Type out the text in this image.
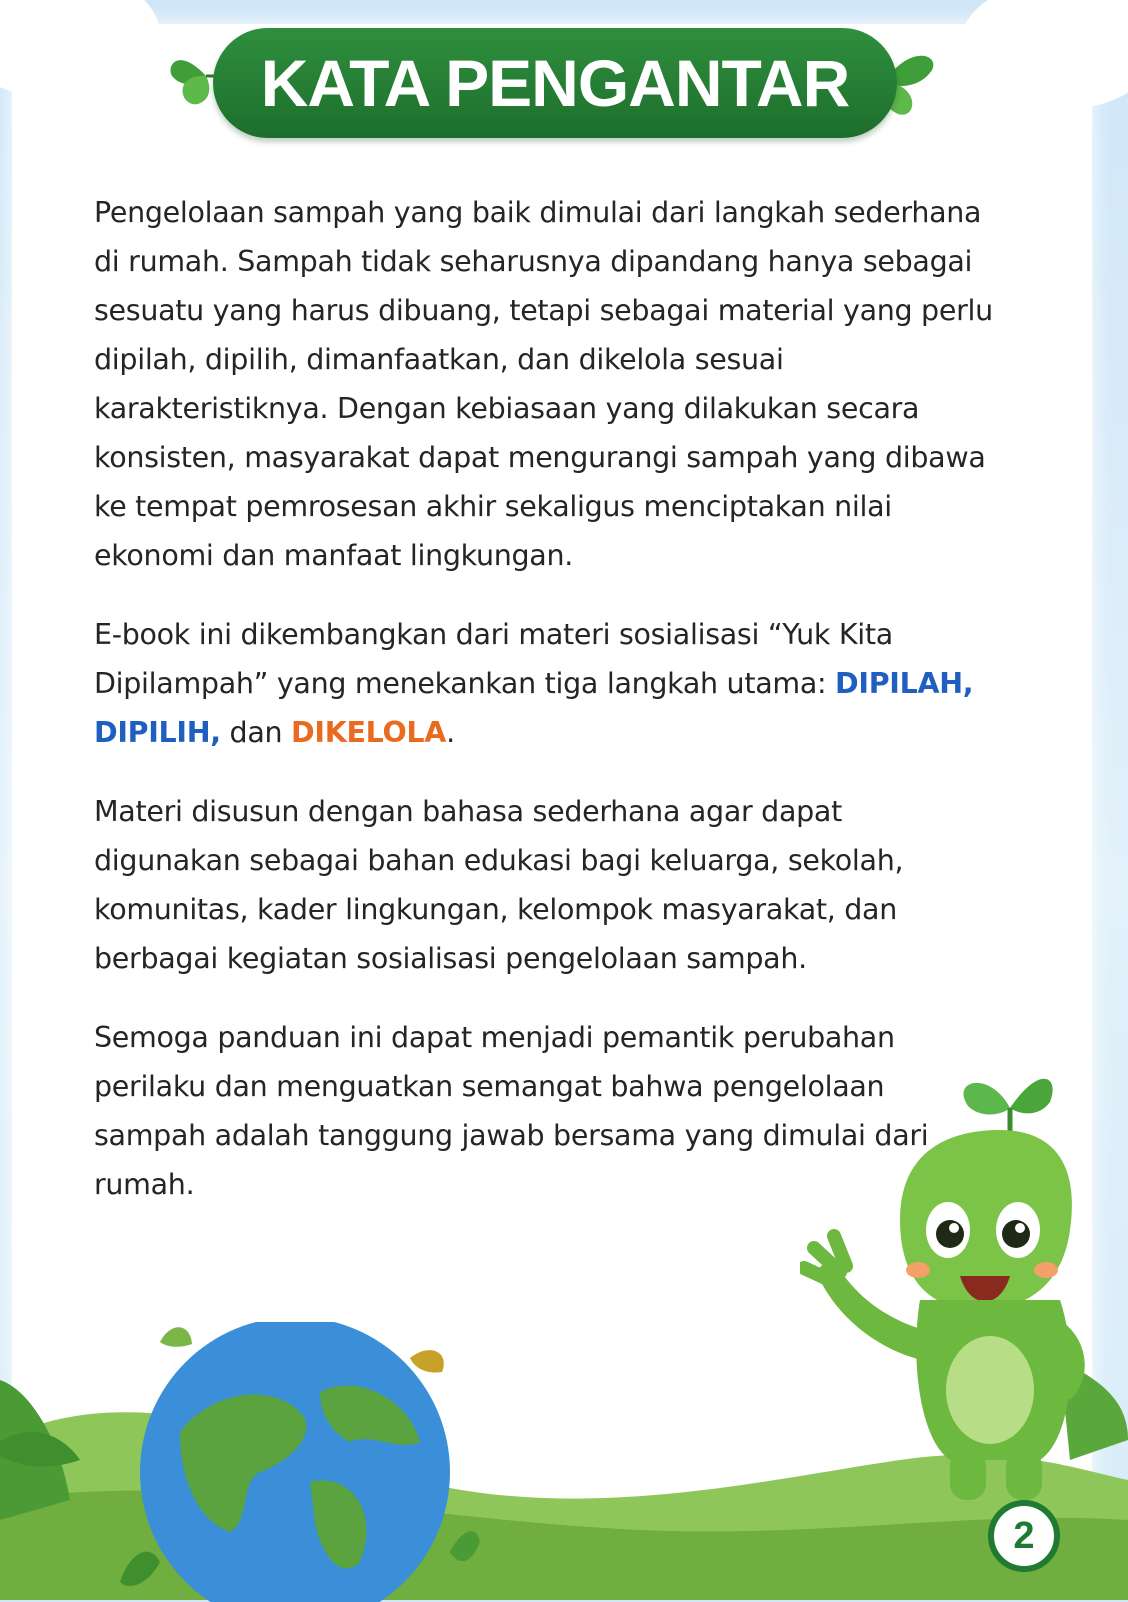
KATA PENGANTAR

Pengelolaan sampah yang baik dimulai dari langkah sederhana di rumah. Sampah tidak seharusnya dipandang hanya sebagai sesuatu yang harus dibuang, tetapi sebagai material yang perlu dipilah, dipilih, dimanfaatkan, dan dikelola sesuai karakteristiknya. Dengan kebiasaan yang dilakukan secara konsisten, masyarakat dapat mengurangi sampah yang dibawa ke tempat pemrosesan akhir sekaligus menciptakan nilai ekonomi dan manfaat lingkungan.

E-book ini dikembangkan dari materi sosialisasi “Yuk Kita Dipilampah” yang menekankan tiga langkah utama: DIPILAH, DIPILIH, dan DIKELOLA.

Materi disusun dengan bahasa sederhana agar dapat digunakan sebagai bahan edukasi bagi keluarga, sekolah, komunitas, kader lingkungan, kelompok masyarakat, dan berbagai kegiatan sosialisasi pengelolaan sampah.

Semoga panduan ini dapat menjadi pemantik perubahan perilaku dan menguatkan semangat bahwa pengelolaan sampah adalah tanggung jawab bersama yang dimulai dari rumah.

2
